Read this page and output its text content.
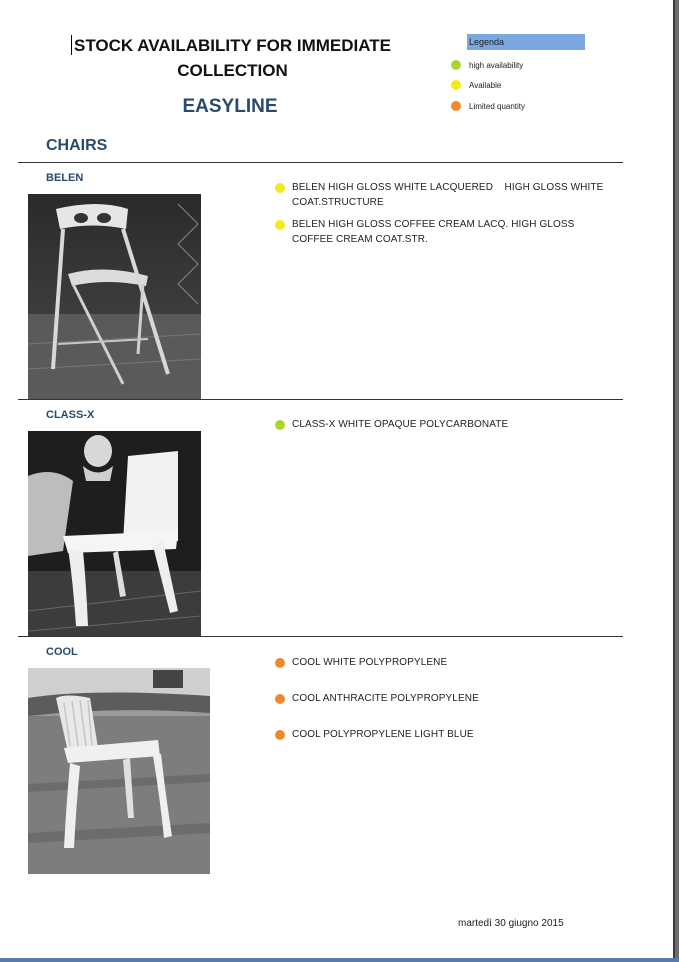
STOCK AVAILABILITY FOR IMMEDIATE COLLECTION
EASYLINE
Legenda
high availability
Available
Limited quantity
CHAIRS
BELEN
BELEN HIGH GLOSS WHITE LACQUERED    HIGH GLOSS WHITE COAT.STRUCTURE
BELEN HIGH GLOSS COFFEE CREAM LACQ. HIGH GLOSS COFFEE CREAM COAT.STR.
CLASS-X
CLASS-X WHITE OPAQUE POLYCARBONATE
COOL
COOL WHITE POLYPROPYLENE
COOL ANTHRACITE POLYPROPYLENE
COOL POLYPROPYLENE LIGHT BLUE
martedì 30 giugno 2015
